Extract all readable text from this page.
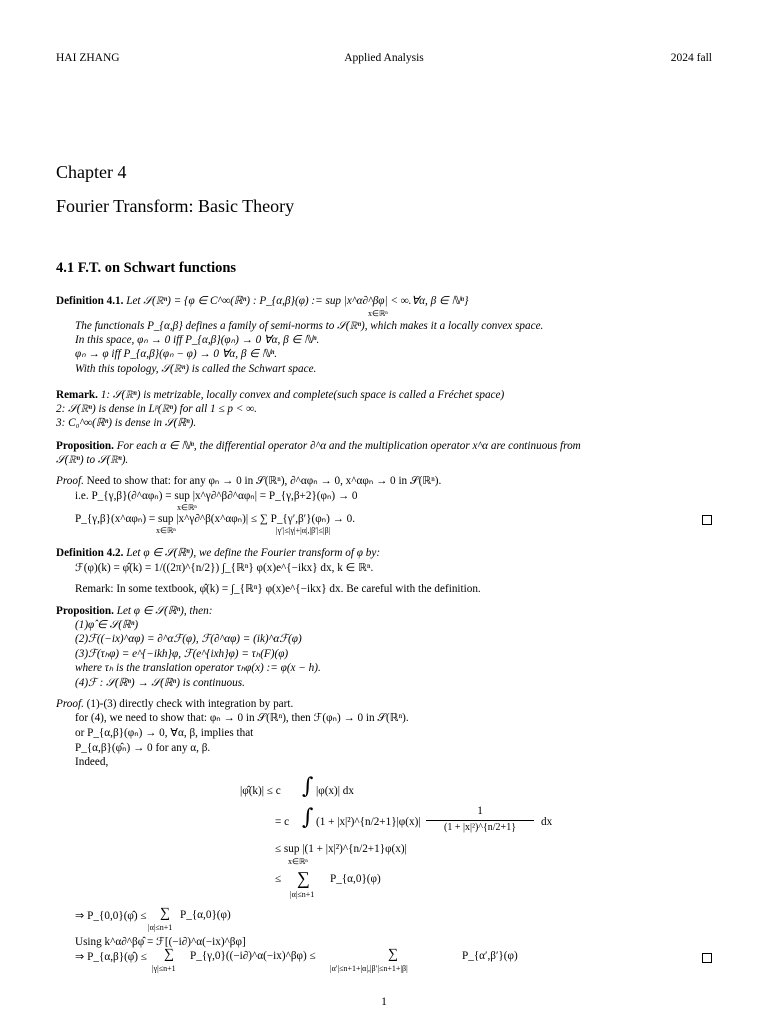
HAI ZHANG	Applied Analysis	2024 fall
Chapter 4
Fourier Transform: Basic Theory
4.1 F.T. on Schwart functions
Definition 4.1. Let 𝒮(ℝⁿ) = {φ ∈ C^∞(ℝⁿ) : P_{α,β}(φ) := sup |x^α∂^βφ| < ∞.∀α, β ∈ ℕⁿ}
x∈ℝⁿ
The functionals P_{α,β} defines a family of semi-norms to 𝒮(ℝⁿ), which makes it a locally convex space.
In this space, φₙ → 0 iff P_{α,β}(φₙ) → 0 ∀α, β ∈ ℕⁿ.
φₙ → φ iff P_{α,β}(φₙ − φ) → 0 ∀α, β ∈ ℕⁿ.
With this topology, 𝒮(ℝⁿ) is called the Schwart space.
Remark. 1: 𝒮(ℝⁿ) is metrizable, locally convex and complete(such space is called a Fréchet space)
2: 𝒮(ℝⁿ) is dense in Lᵖ(ℝⁿ) for all 1 ≤ p < ∞.
3: C₀^∞(ℝⁿ) is dense in 𝒮(ℝⁿ).
Proposition. For each α ∈ ℕⁿ, the differential operator ∂^α and the multiplication operator x^α are continuous from
𝒮(ℝⁿ) to 𝒮(ℝⁿ).
Proof. Need to show that: for any φₙ → 0 in 𝒮(ℝⁿ), ∂^αφₙ → 0, x^αφₙ → 0 in 𝒮(ℝⁿ).
i.e. P_{γ,β}(∂^αφₙ) = sup |x^γ∂^β∂^αφₙ| = P_{γ,β+2}(φₙ) → 0
x∈ℝⁿ
P_{γ,β}(x^αφₙ) = sup |x^γ∂^β(x^αφₙ)| ≤ ∑ P_{γ′,β′}(φₙ) → 0.
x∈ℝⁿ	|γ′|≤|γ|+|α|,|β′|≤|β|
Definition 4.2. Let φ ∈ 𝒮(ℝⁿ), we define the Fourier transform of φ by:
ℱ(φ)(k) = φ̂(k) = 1/((2π)^{n/2}) ∫_{ℝⁿ} φ(x)e^{−ikx} dx, k ∈ ℝⁿ.
Remark: In some textbook, φ̂(k) = ∫_{ℝⁿ} φ(x)e^{−ikx} dx. Be careful with the definition.
Proposition. Let φ ∈ 𝒮(ℝⁿ), then:
(1)φ̂ ∈ 𝒮(ℝⁿ)
(2)ℱ((−ix)^αφ) = ∂^αℱ(φ), ℱ(∂^αφ) = (ik)^αℱ(φ)
(3)ℱ(τₕφ) = e^{−ikh}φ, ℱ(e^{ixh}φ) = τₕ(F)(φ)
where τₕ is the translation operator τₕφ(x) := φ(x − h).
(4)ℱ : 𝒮(ℝⁿ) → 𝒮(ℝⁿ) is continuous.
Proof. (1)-(3) directly check with integration by part.
for (4), we need to show that: φₙ → 0 in 𝒮(ℝⁿ), then ℱ(φₙ) → 0 in 𝒮(ℝⁿ).
or P_{α,β}(φₙ) → 0, ∀α, β, implies that
P_{α,β}(φ̂ₙ) → 0 for any α, β.
Indeed,
|φ̂(k)| ≤ c ∫ |φ(x)| dx
= c ∫ (1 + |x|²)^{n/2+1}|φ(x)|
1
(1 + |x|²)^{n/2+1}	dx
≤ sup |(1 + |x|²)^{n/2+1}φ(x)|
x∈ℝⁿ
≤ ∑ P_{α,0}(φ)
|α|≤n+1
⇒ P_{0,0}(φ̂) ≤ ∑ P_{α,0}(φ)
|α|≤n+1
Using k^α∂^βφ̂ = ℱ[(−i∂)^α(−ix)^βφ]
⇒ P_{α,β}(φ̂) ≤ ∑ P_{γ,0}((−i∂)^α(−ix)^βφ) ≤	∑	P_{α′,β′}(φ)
|γ|≤n+1	|α′|≤n+1+|α|,|β′|≤n+1+|β|
1
